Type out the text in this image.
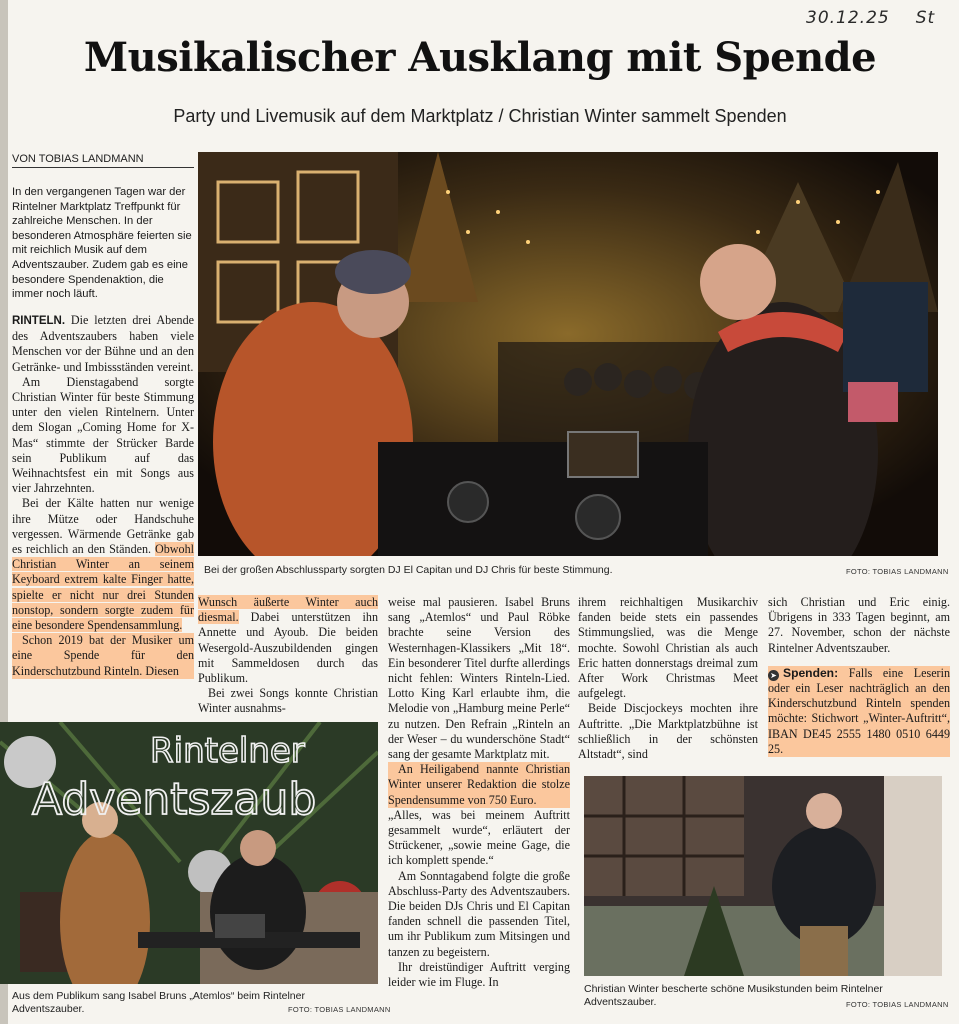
30.12.25 St
Musikalischer Ausklang mit Spende
Party und Livemusik auf dem Marktplatz / Christian Winter sammelt Spenden
VON TOBIAS LANDMANN
In den vergangenen Tagen war der Rintelner Marktplatz Treffpunkt für zahlreiche Menschen. In der besonderen Atmosphäre feierten sie mit reichlich Musik auf dem Adventszauber. Zudem gab es eine besondere Spendenaktion, die immer noch läuft.

RINTELN. Die letzten drei Abende des Adventszaubers haben viele Menschen vor der Bühne und an den Getränke- und Imbissständen vereint.

Am Dienstagabend sorgte Christian Winter für beste Stimmung unter den vielen Rintelnern. Unter dem Slogan „Coming Home for X-Mas“ stimmte der Strücker Barde sein Publikum auf das Weihnachtsfest ein mit Songs aus vier Jahrzehnten.

Bei der Kälte hatten nur wenige ihre Mütze oder Handschuhe vergessen. Wärmende Getränke gab es reichlich an den Ständen. Obwohl Christian Winter an seinem Keyboard extrem kalte Finger hatte, spielte er nicht nur drei Stunden nonstop, sondern sorgte zudem für eine besondere Spendensammlung.

Schon 2019 bat der Musiker um eine Spende für den Kinderschutzbund Rinteln. Diesen

Bei der großen Abschlussparty sorgten DJ El Capitan und DJ Chris für beste Stimmung.	FOTO: TOBIAS LANDMANN

Wunsch äußerte Winter auch diesmal. Dabei unterstützen ihn Annette und Ayoub. Die beiden Wesergold-Auszubildenden gingen mit Sammeldosen durch das Publikum.

Bei zwei Songs konnte Christian Winter ausnahms-

weise mal pausieren. Isabel Bruns sang „Atemlos“ und Paul Röbke brachte seine Version des Westernhagen-Klassikers „Mit 18“. Ein besonderer Titel durfte allerdings nicht fehlen: Winters Rinteln-Lied. Lotto King Karl erlaubte ihm, die Melodie von „Hamburg meine Perle“ zu nutzen. Den Refrain „Rinteln an der Weser – du wunderschöne Stadt“ sang der gesamte Marktplatz mit.

An Heiligabend nannte Christian Winter unserer Redaktion die stolze Spendensumme von 750 Euro.

„Alles, was bei meinem Auftritt gesammelt wurde“, erläutert der Strückener, „sowie meine Gage, die ich komplett spende.“

Am Sonntagabend folgte die große Abschluss-Party des Adventszaubers. Die beiden DJs Chris und El Capitan fanden schnell die passenden Titel, um ihr Publikum zum Mitsingen und tanzen zu begeistern.

Ihr dreistündiger Auftritt verging leider wie im Fluge. In

ihrem reichhaltigen Musikarchiv fanden beide stets ein passendes Stimmungslied, was die Menge mochte. Sowohl Christian als auch Eric hatten donnerstags dreimal zum After Work Christmas Meet aufgelegt.

Beide Discjockeys mochten ihre Auftritte. „Die Marktplatzbühne ist schließlich in der schönsten Altstadt“, sind

sich Christian und Eric einig. Übrigens in 333 Tagen beginnt, am 27. November, schon der nächste Rintelner Adventszauber.

➤ Spenden: Falls eine Leserin oder ein Leser nachträglich an den Kinderschutzbund Rinteln spenden möchte: Stichwort „Winter-Auftritt“, IBAN DE45 2555 1480 0510 6449 25.

Rintelner
Adventszaub
Aus dem Publikum sang Isabel Bruns „Atemlos“ beim Rintelner Adventszauber.	FOTO: TOBIAS LANDMANN
Christian Winter bescherte schöne Musikstunden beim Rintelner Adventszauber.	FOTO: TOBIAS LANDMANN
